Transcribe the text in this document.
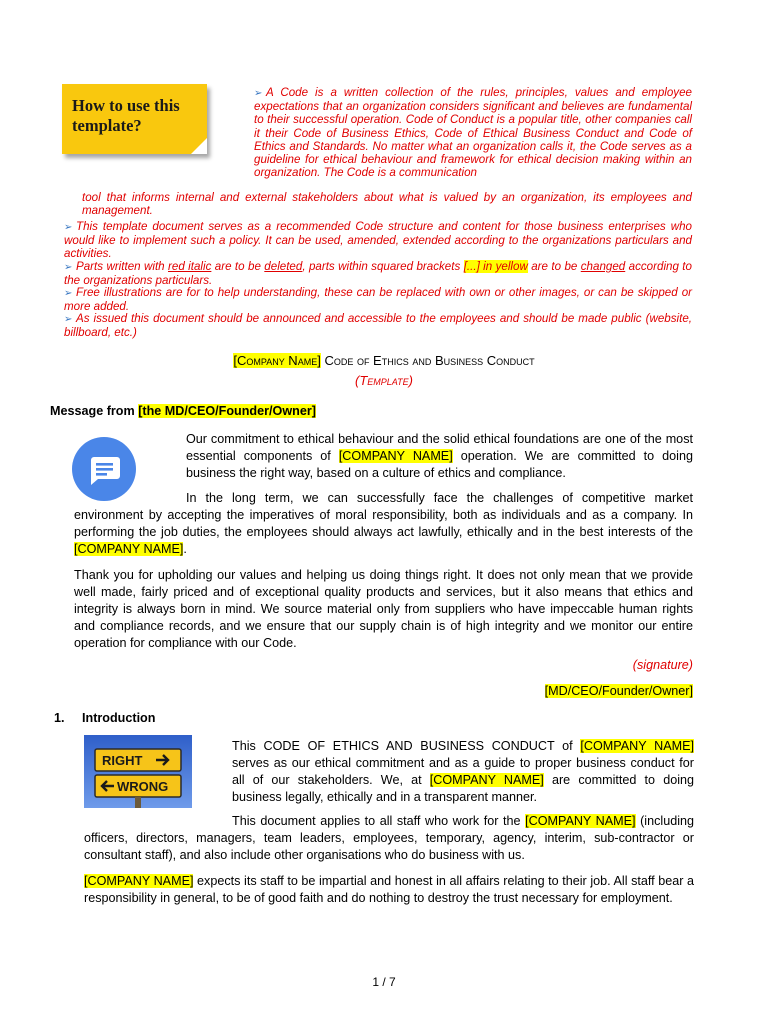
How to use this template?
➢ A Code is a written collection of the rules, principles, values and employee expectations that an organization considers significant and believes are fundamental to their successful operation. Code of Conduct is a popular title, other companies call it their Code of Business Ethics, Code of Ethical Business Conduct and Code of Ethics and Standards. No matter what an organization calls it, the Code serves as a guideline for ethical behaviour and framework for ethical decision making within an organization. The Code is a communication
tool that informs internal and external stakeholders about what is valued by an organization, its employees and management.
➢ This template document serves as a recommended Code structure and content for those business enterprises who would like to implement such a policy. It can be used, amended, extended according to the organizations particulars and activities.
➢ Parts written with red italic are to be deleted, parts within squared brackets [...] in yellow are to be changed according to the organizations particulars.
➢ Free illustrations are for to help understanding, these can be replaced with own or other images, or can be skipped or more added.
➢ As issued this document should be announced and accessible to the employees and should be made public (website, billboard, etc.)
[Company Name] Code of Ethics and Business Conduct
(Template)
Message from [the MD/CEO/Founder/Owner]
Our commitment to ethical behaviour and the solid ethical foundations are one of the most essential components of [COMPANY NAME] operation. We are committed to doing business the right way, based on a culture of ethics and compliance.
In the long term, we can successfully face the challenges of competitive market environment by accepting the imperatives of moral responsibility, both as individuals and as a company. In performing the job duties, the employees should always act lawfully, ethically and in the best interests of the [COMPANY NAME].
Thank you for upholding our values and helping us doing things right. It does not only mean that we provide well made, fairly priced and of exceptional quality products and services, but it also means that ethics and integrity is always born in mind. We source material only from suppliers who have impeccable human rights and compliance records, and we ensure that our supply chain is of high integrity and we monitor our entire operation for compliance with our Code.
(signature)
[MD/CEO/Founder/Owner]
1. Introduction
RIGHT
WRONG
This CODE OF ETHICS AND BUSINESS CONDUCT of [COMPANY NAME] serves as our ethical commitment and as a guide to proper business conduct for all of our stakeholders. We, at [COMPANY NAME] are committed to doing business legally, ethically and in a transparent manner.
This document applies to all staff who work for the [COMPANY NAME] (including officers, directors, managers, team leaders, employees, temporary, agency, interim, sub-contractor or consultant staff), and also include other organisations who do business with us.
[COMPANY NAME] expects its staff to be impartial and honest in all affairs relating to their job. All staff bear a responsibility in general, to be of good faith and do nothing to destroy the trust necessary for employment.
1 / 7
